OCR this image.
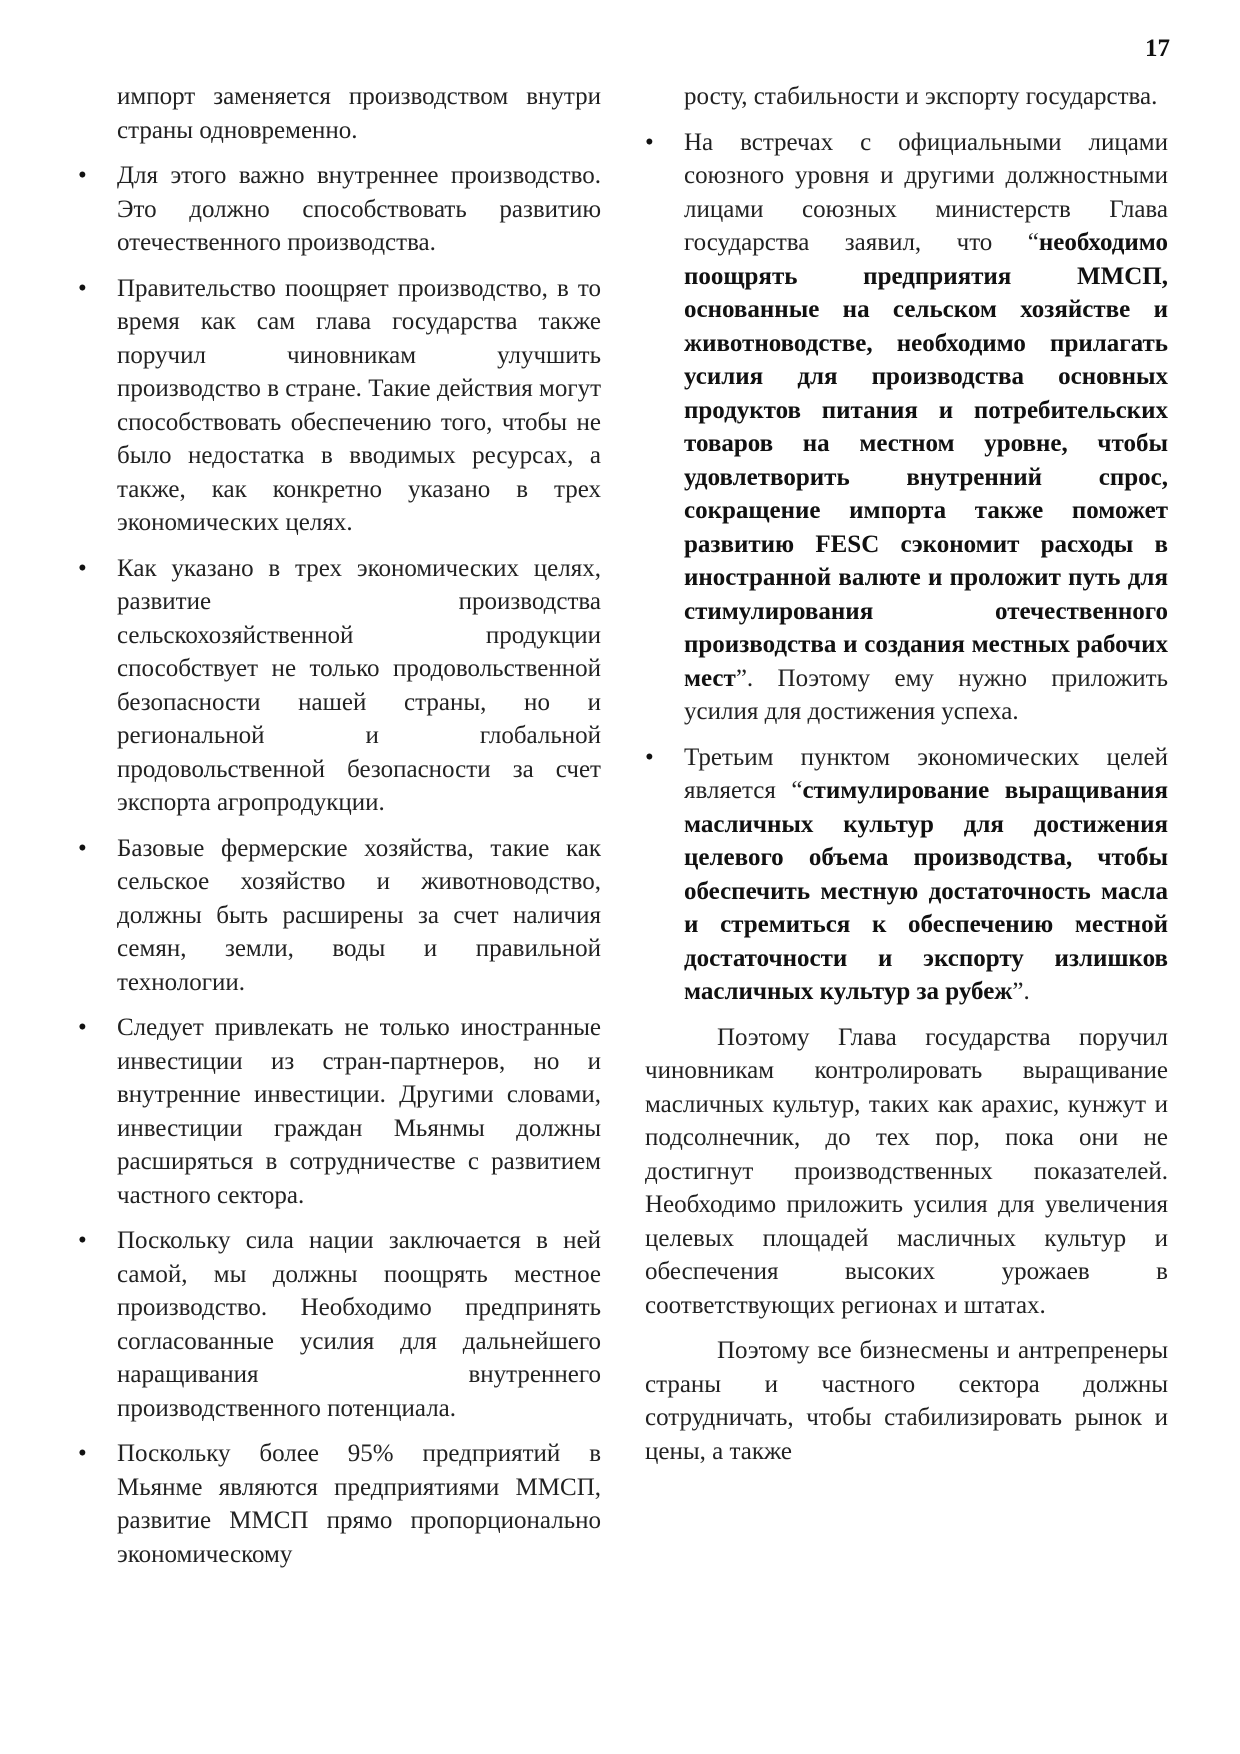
17

импорт заменяется производством внутри страны одновременно.

• Для этого важно внутреннее производство. Это должно способствовать развитию отечественного производства.
• Правительство поощряет производство, в то время как сам глава государства также поручил чиновникам улучшить производство в стране. Такие действия могут способствовать обеспечению того, чтобы не было недостатка в вводимых ресурсах, а также, как конкретно указано в трех экономических целях.
• Как указано в трех экономических целях, развитие производства сельскохозяйственной продукции способствует не только продовольственной безопасности нашей страны, но и региональной и глобальной продовольственной безопасности за счет экспорта агропродукции.
• Базовые фермерские хозяйства, такие как сельское хозяйство и животноводство, должны быть расширены за счет наличия семян, земли, воды и правильной технологии.
• Следует привлекать не только иностранные инвестиции из стран-партнеров, но и внутренние инвестиции. Другими словами, инвестиции граждан Мьянмы должны расширяться в сотрудничестве с развитием частного сектора.
• Поскольку сила нации заключается в ней самой, мы должны поощрять местное производство. Необходимо предпринять согласованные усилия для дальнейшего наращивания внутреннего производственного потенциала.
• Поскольку более 95% предприятий в Мьянме являются предприятиями ММСП, развитие ММСП прямо пропорционально экономическому

росту, стабильности и экспорту государства.

• На встречах с официальными лицами союзного уровня и другими должностными лицами союзных министерств Глава государства заявил, что “необходимо поощрять предприятия ММСП, основанные на сельском хозяйстве и животноводстве, необходимо прилагать усилия для производства основных продуктов питания и потребительских товаров на местном уровне, чтобы удовлетворить внутренний спрос, сокращение импорта также поможет развитию FESC сэкономит расходы в иностранной валюте и проложит путь для стимулирования отечественного производства и создания местных рабочих мест”. Поэтому ему нужно приложить усилия для достижения успеха.
• Третьим пунктом экономических целей является “стимулирование выращивания масличных культур для достижения целевого объема производства, чтобы обеспечить местную достаточность масла и стремиться к обеспечению местной достаточности и экспорту излишков масличных культур за рубеж”.

Поэтому Глава государства поручил чиновникам контролировать выращивание масличных культур, таких как арахис, кунжут и подсолнечник, до тех пор, пока они не достигнут производственных показателей. Необходимо приложить усилия для увеличения целевых площадей масличных культур и обеспечения высоких урожаев в соответствующих регионах и штатах.

Поэтому все бизнесмены и антрепренеры страны и частного сектора должны сотрудничать, чтобы стабилизировать рынок и цены, а также
